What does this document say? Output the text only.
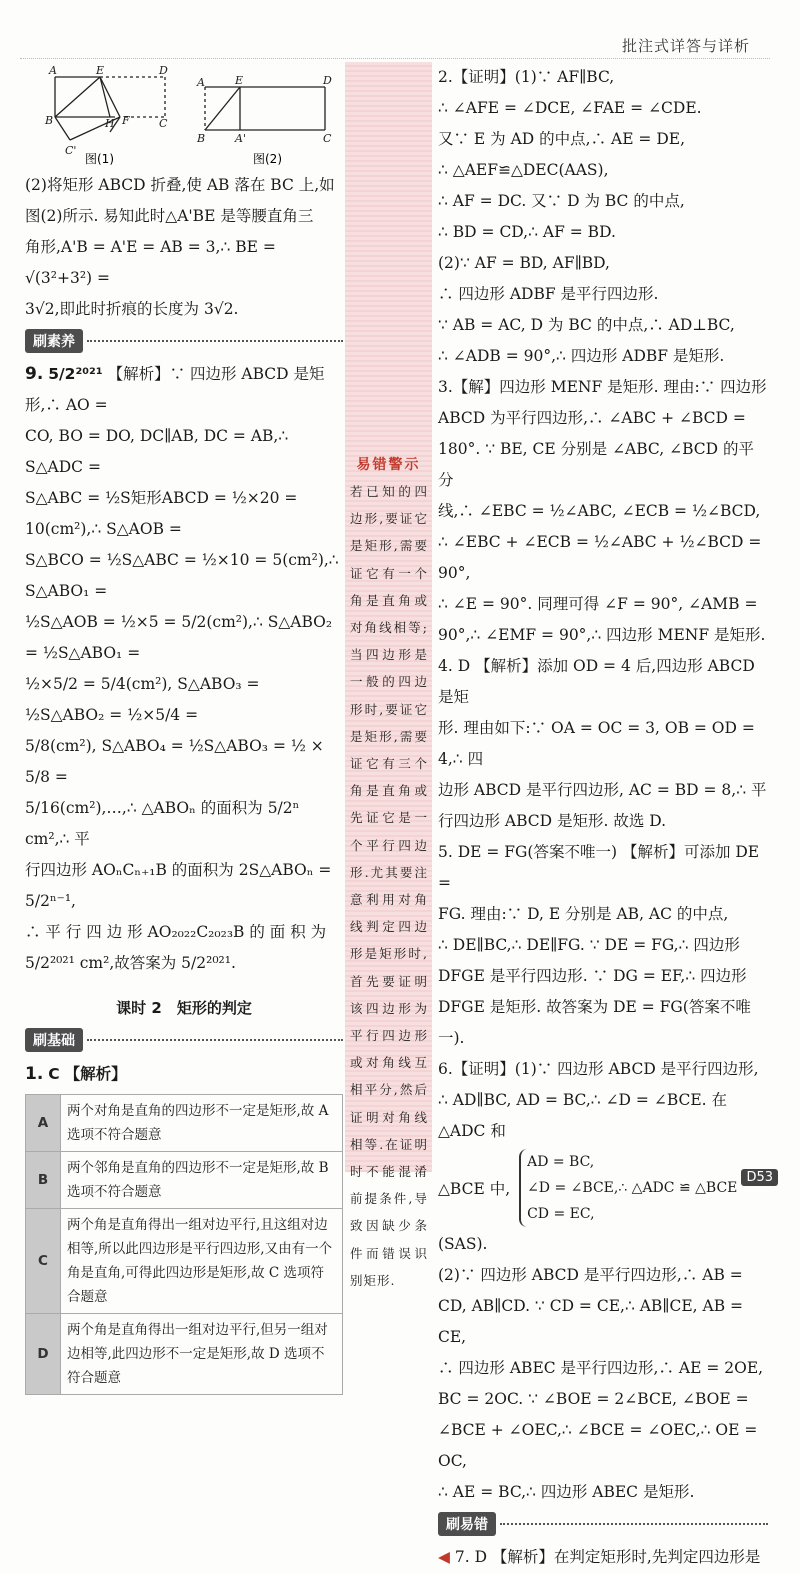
批注式详答与详析
A	E	D
B	H F	C
C'
图(1)
A	E	D
B	A'	C
图(2)

(2)将矩形 ABCD 折叠,使 AB 落在 BC 上,如

图(2)所示. 易知此时△A'BE 是等腰直角三

角形,A'B = A'E = AB = 3,∴ BE = √(3²+3²) =

3√2,即此时折痕的长度为 3√2.

刷素养

9. 5/2²⁰²¹ 【解析】∵ 四边形 ABCD 是矩形,∴ AO =

CO, BO = DO, DC∥AB, DC = AB,∴ S△ADC =

S△ABC = ½S矩形ABCD = ½×20 = 10(cm²),∴ S△AOB =

S△BCO = ½S△ABC = ½×10 = 5(cm²),∴ S△ABO₁ =

½S△AOB = ½×5 = 5/2(cm²),∴ S△ABO₂ = ½S△ABO₁ =

½×5/2 = 5/4(cm²), S△ABO₃ = ½S△ABO₂ = ½×5/4 =

5/8(cm²), S△ABO₄ = ½S△ABO₃ = ½ × 5/8 =

5/16(cm²),…,∴ △ABOₙ 的面积为 5/2ⁿ cm²,∴ 平

行四边形 AOₙCₙ₊₁B 的面积为 2S△ABOₙ = 5/2ⁿ⁻¹,

∴ 平 行 四 边 形 AO₂₀₂₂C₂₀₂₃B 的 面 积 为

5/2²⁰²¹ cm²,故答案为 5/2²⁰²¹.

课时 2　矩形的判定
刷基础

1. C 【解析】

A	两个对角是直角的四边形不一定是矩形,故 A 选项不符合题意
B	两个邻角是直角的四边形不一定是矩形,故 B 选项不符合题意
C	两个角是直角得出一组对边平行,且这组对边相等,所以此四边形是平行四边形,又由有一个角是直角,可得此四边形是矩形,故 C 选项符合题意
D	两个角是直角得出一组对边平行,但另一组对边相等,此四边形不一定是矩形,故 D 选项不符合题意
易错警示
若已知的四边形,要证它是矩形,需要证它有一个角是直角或对角线相等;当四边形是一般的四边形时,要证它是矩形,需要证它有三个角是直角或先证它是一个平行四边形.尤其要注意利用对角线判定四边形是矩形时,首先要证明该四边形为平行四边形或对角线互相平分,然后证明对角线相等.在证明时不能混淆前提条件,导致因缺少条件而错误识别矩形.

2.【证明】(1)∵ AF∥BC,

∴ ∠AFE = ∠DCE, ∠FAE = ∠CDE.

又∵ E 为 AD 的中点,∴ AE = DE,

∴ △AEF≌△DEC(AAS),

∴ AF = DC. 又∵ D 为 BC 的中点,

∴ BD = CD,∴ AF = BD.

(2)∵ AF = BD, AF∥BD,

∴ 四边形 ADBF 是平行四边形.

∵ AB = AC, D 为 BC 的中点,∴ AD⊥BC,

∴ ∠ADB = 90°,∴ 四边形 ADBF 是矩形.

3.【解】四边形 MENF 是矩形. 理由:∵ 四边形

ABCD 为平行四边形,∴ ∠ABC + ∠BCD =

180°. ∵ BE, CE 分别是 ∠ABC, ∠BCD 的平分

线,∴ ∠EBC = ½∠ABC, ∠ECB = ½∠BCD,

∴ ∠EBC + ∠ECB = ½∠ABC + ½∠BCD = 90°,

∴ ∠E = 90°. 同理可得 ∠F = 90°, ∠AMB =

90°,∴ ∠EMF = 90°,∴ 四边形 MENF 是矩形.

4. D 【解析】添加 OD = 4 后,四边形 ABCD 是矩

形. 理由如下:∵ OA = OC = 3, OB = OD = 4,∴ 四

边形 ABCD 是平行四边形, AC = BD = 8,∴ 平

行四边形 ABCD 是矩形. 故选 D.

5. DE = FG(答案不唯一) 【解析】可添加 DE =

FG. 理由:∵ D, E 分别是 AB, AC 的中点,

∴ DE∥BC,∴ DE∥FG. ∵ DE = FG,∴ 四边形

DFGE 是平行四边形. ∵ DG = EF,∴ 四边形

DFGE 是矩形. 故答案为 DE = FG(答案不唯一).

6.【证明】(1)∵ 四边形 ABCD 是平行四边形,

∴ AD∥BC, AD = BC,∴ ∠D = ∠BCE. 在△ADC 和

△BCE 中,
AD = BC,
∠D = ∠BCE,∴ △ADC ≌ △BCE
CD = EC,

(SAS).

(2)∵ 四边形 ABCD 是平行四边形,∴ AB =

CD, AB∥CD. ∵ CD = CE,∴ AB∥CE, AB = CE,

∴ 四边形 ABEC 是平行四边形,∴ AE = 2OE,

BC = 2OC. ∵ ∠BOE = 2∠BCE, ∠BOE =

∠BCE + ∠OEC,∴ ∠BCE = ∠OEC,∴ OE = OC,

∴ AE = BC,∴ 四边形 ABEC 是矩形.

刷易错

◀ 7. D 【解析】在判定矩形时,先判定四边形是

D53
